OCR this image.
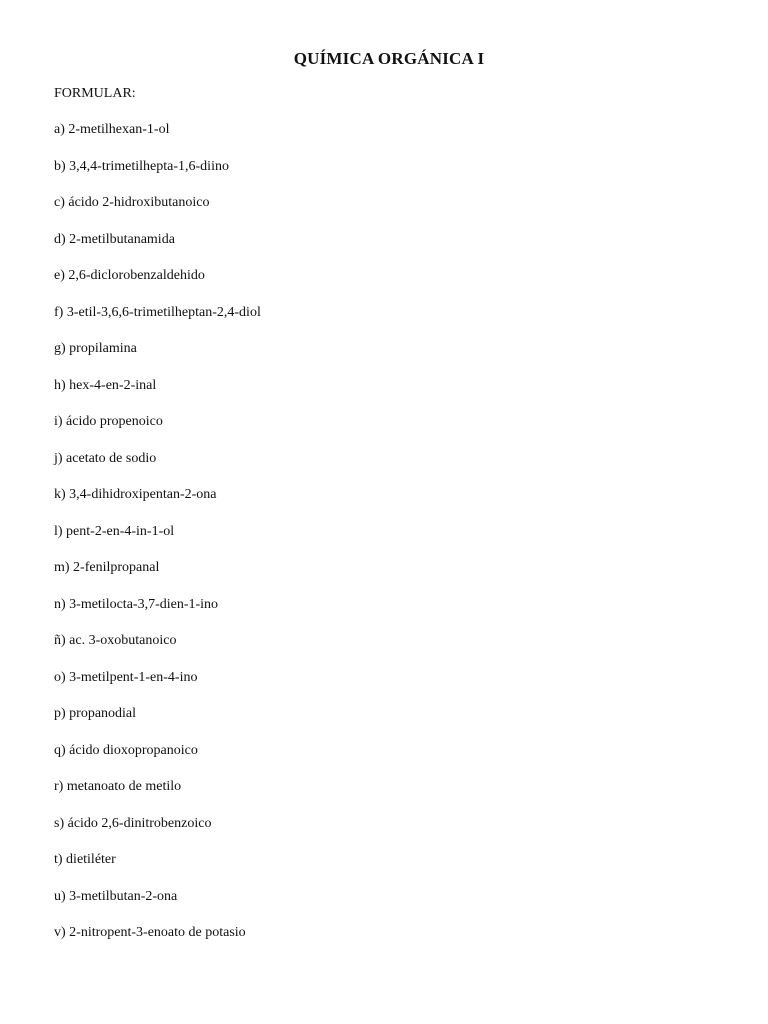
QUÍMICA ORGÁNICA I
FORMULAR:
a) 2-metilhexan-1-ol
b) 3,4,4-trimetilhepta-1,6-diino
c) ácido 2-hidroxibutanoico
d) 2-metilbutanamida
e) 2,6-diclorobenzaldehido
f) 3-etil-3,6,6-trimetilheptan-2,4-diol
g) propilamina
h) hex-4-en-2-inal
i) ácido propenoico
j) acetato de sodio
k) 3,4-dihidroxipentan-2-ona
l) pent-2-en-4-in-1-ol
m) 2-fenilpropanal
n) 3-metilocta-3,7-dien-1-ino
ñ) ac. 3-oxobutanoico
o) 3-metilpent-1-en-4-ino
p) propanodial
q) ácido dioxopropanoico
r) metanoato de metilo
s) ácido 2,6-dinitrobenzoico
t) dietiléter
u) 3-metilbutan-2-ona
v) 2-nitropent-3-enoato de potasio
